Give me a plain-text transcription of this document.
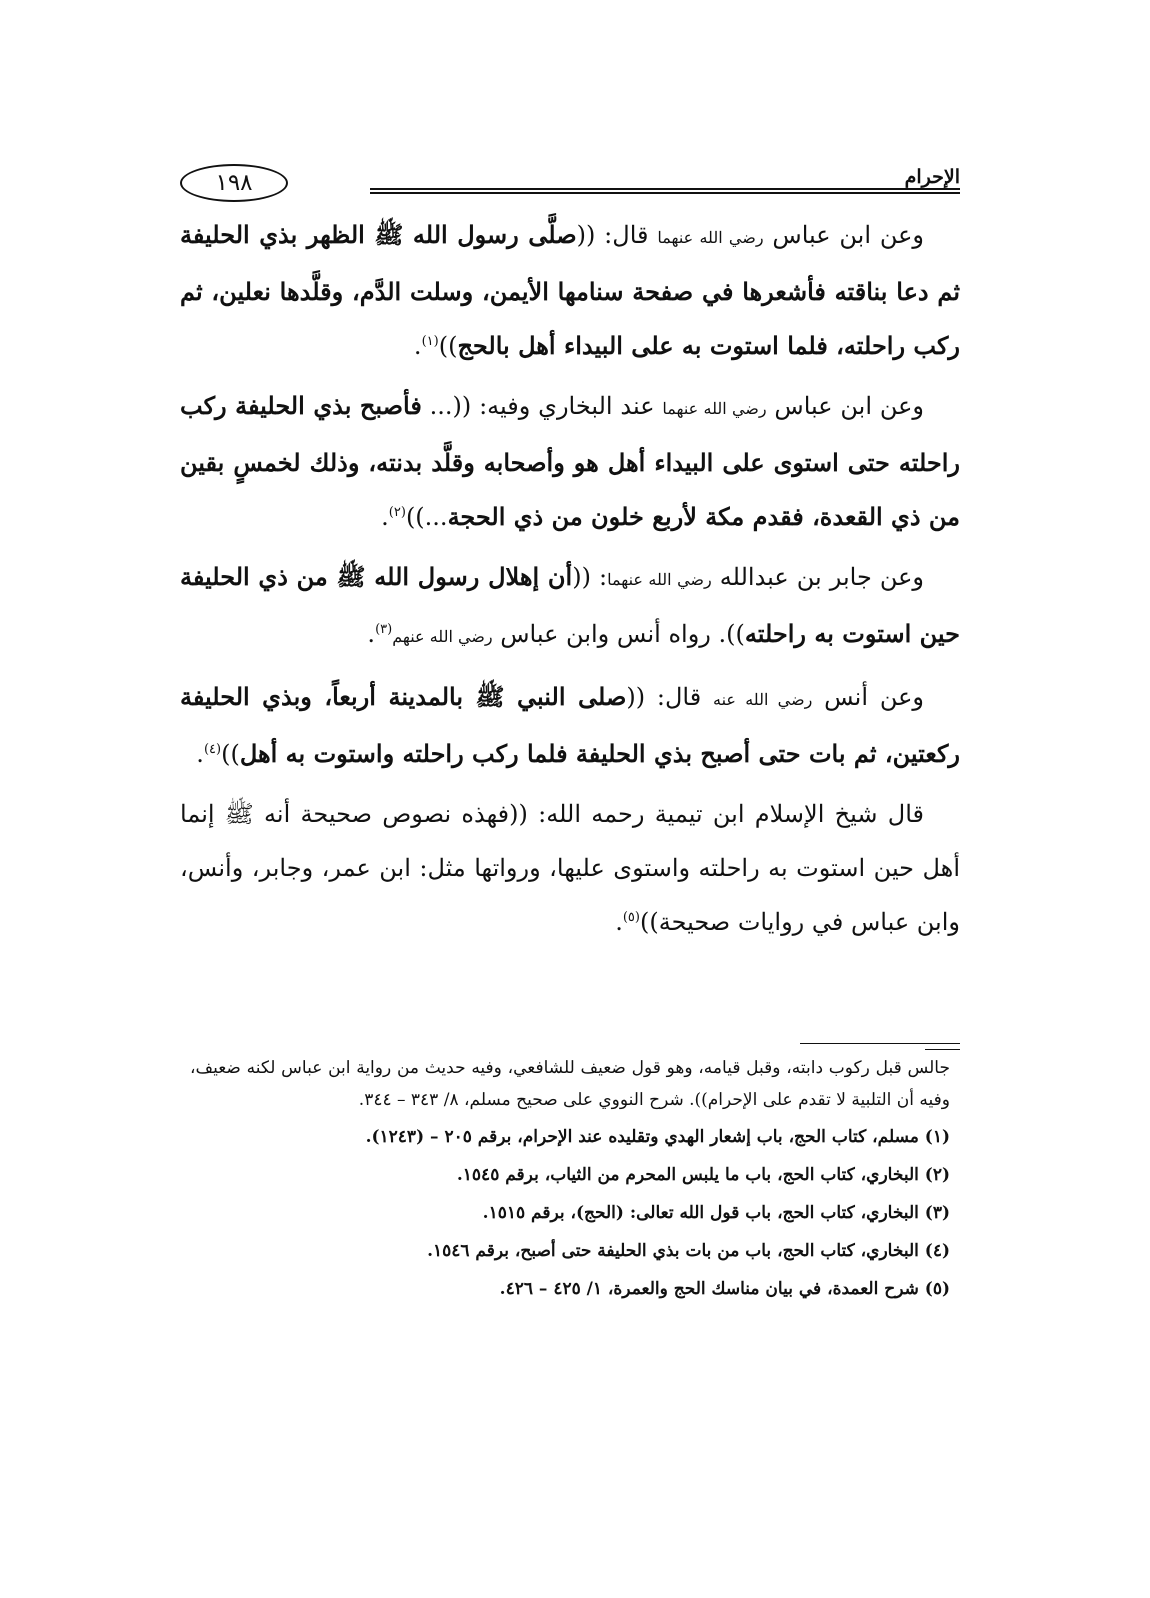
١٩٨	الإحرام

وعن ابن عباس رضي الله عنهما قال: ((صلَّى رسول الله ﷺ الظهر بذي الحليفة ثم دعا بناقته فأشعرها في صفحة سنامها الأيمن، وسلت الدَّم، وقلَّدها نعلين، ثم ركب راحلته، فلما استوت به على البيداء أهل بالحج))$^{(١)}$.

وعن ابن عباس رضي الله عنهما عند البخاري وفيه: ((... فأصبح بذي الحليفة ركب راحلته حتى استوى على البيداء أهل هو وأصحابه وقلَّد بدنته، وذلك لخمسٍ بقين من ذي القعدة، فقدم مكة لأربع خلون من ذي الحجة...))$^{(٢)}$.

وعن جابر بن عبدالله رضي الله عنهما: ((أن إهلال رسول الله ﷺ من ذي الحليفة حين استوت به راحلته)). رواه أنس وابن عباس رضي الله عنهم$^{(٣)}$.

وعن أنس رضي الله عنه قال: ((صلى النبي ﷺ بالمدينة أربعاً، وبذي الحليفة ركعتين، ثم بات حتى أصبح بذي الحليفة فلما ركب راحلته واستوت به أهل))$^{(٤)}$.

قال شيخ الإسلام ابن تيمية رحمه الله: ((فهذه نصوص صحيحة أنه ﷺ إنما أهل حين استوت به راحلته واستوى عليها، ورواتها مثل: ابن عمر، وجابر، وأنس، وابن عباس في روايات صحيحة))$^{(٥)}$.

جالس قبل ركوب دابته، وقبل قيامه، وهو قول ضعيف للشافعي، وفيه حديث من رواية ابن عباس لكنه ضعيف، وفيه أن التلبية لا تقدم على الإحرام)). شرح النووي على صحيح مسلم، ٨/ ٣٤٣ – ٣٤٤.

(١) مسلم، كتاب الحج، باب إشعار الهدي وتقليده عند الإحرام، برقم ٢٠٥ – (١٢٤٣).

(٢) البخاري، كتاب الحج، باب ما يلبس المحرم من الثياب، برقم ١٥٤٥.

(٣) البخاري، كتاب الحج، باب قول الله تعالى: (الحج)، برقم ١٥١٥.

(٤) البخاري، كتاب الحج، باب من بات بذي الحليفة حتى أصبح، برقم ١٥٤٦.

(٥) شرح العمدة، في بيان مناسك الحج والعمرة، ١/ ٤٢٥ – ٤٢٦.
